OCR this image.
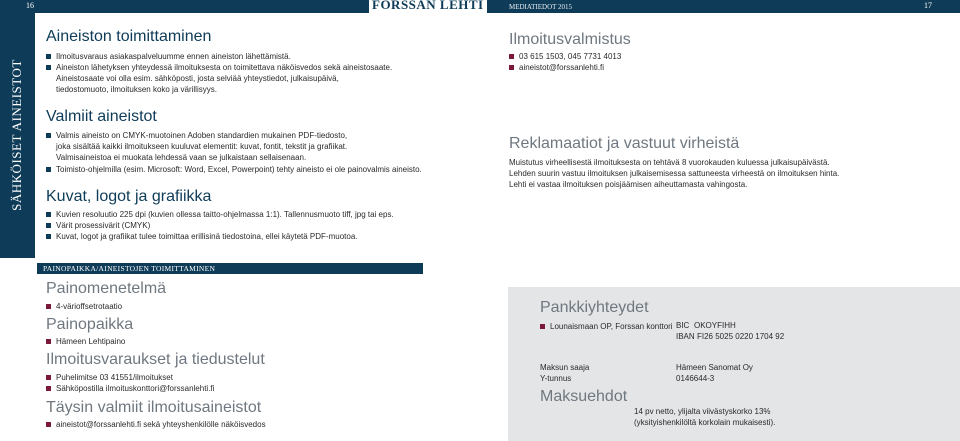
16	FORSSAN LEHTI	MEDIATIEDOT 2015	17
SÄHKÖISET AINEISTOT
Aineiston toimittaminen
Ilmoitusvaraus asiakaspalveluumme ennen aineiston lähettämistä.
Aineiston lähetyksen yhteydessä ilmoituksesta on toimitettava näköisvedos sekä aineistosaate.
Aineistosaate voi olla esim. sähköposti, josta selviää yhteystiedot, julkaisupäivä,
tiedostomuoto, ilmoituksen koko ja värillisyys.
Valmiit aineistot
Valmis aineisto on CMYK-muotoinen Adoben standardien mukainen PDF-tiedosto,
joka sisältää kaikki ilmoitukseen kuuluvat elementit: kuvat, fontit, tekstit ja grafiikat.
Valmisaineistoa ei muokata lehdessä vaan se julkaistaan sellaisenaan.
Toimisto-ohjelmilla (esim. Microsoft: Word, Excel, Powerpoint) tehty aineisto ei ole painovalmis aineisto.
Kuvat, logot ja grafiikka
Kuvien resoluutio 225 dpi (kuvien ollessa taitto-ohjelmassa 1:1). Tallennusmuoto tiff, jpg tai eps.
Värit prosessivärit (CMYK)
Kuvat, logot ja grafiikat tulee toimittaa erillisinä tiedostoina, ellei käytetä PDF-muotoa.
Ilmoitusvalmistus
03 615 1503, 045 7731 4013
aineistot@forssanlehti.fi
Reklamaatiot ja vastuut virheistä
Muistutus virheellisestä ilmoituksesta on tehtävä 8 vuorokauden kuluessa julkaisupäivästä.
Lehden suurin vastuu ilmoituksen julkaisemisessa sattuneesta virheestä on ilmoituksen hinta.
Lehti ei vastaa ilmoituksen poisjäämisen aiheuttamasta vahingosta.
PAINOPAIKKA/AINEISTOJEN TOIMITTAMINEN
Painomenetelmä
4-värioffsetrotaatio
Painopaikka
Hämeen Lehtipaino
Ilmoitusvaraukset ja tiedustelut
Puhelimitse 03 41551/ilmoitukset
Sähköpostilla ilmoituskonttori@forssanlehti.fi
Täysin valmiit ilmoitusaineistot
aineistot@forssanlehti.fi sekä yhteyshenkilölle näköisvedos
Pankkiyhteydet
Lounaismaan OP, Forssan konttori BIC OKOYFIHH
IBAN FI26 5025 0220 1704 92
Maksun saaja	Hämeen Sanomat Oy
Y-tunnus	0146644-3
Maksuehdot
14 pv netto, ylijalta viivästyskorko 13%
(yksityishenkilöltä korkolain mukaisesti).
